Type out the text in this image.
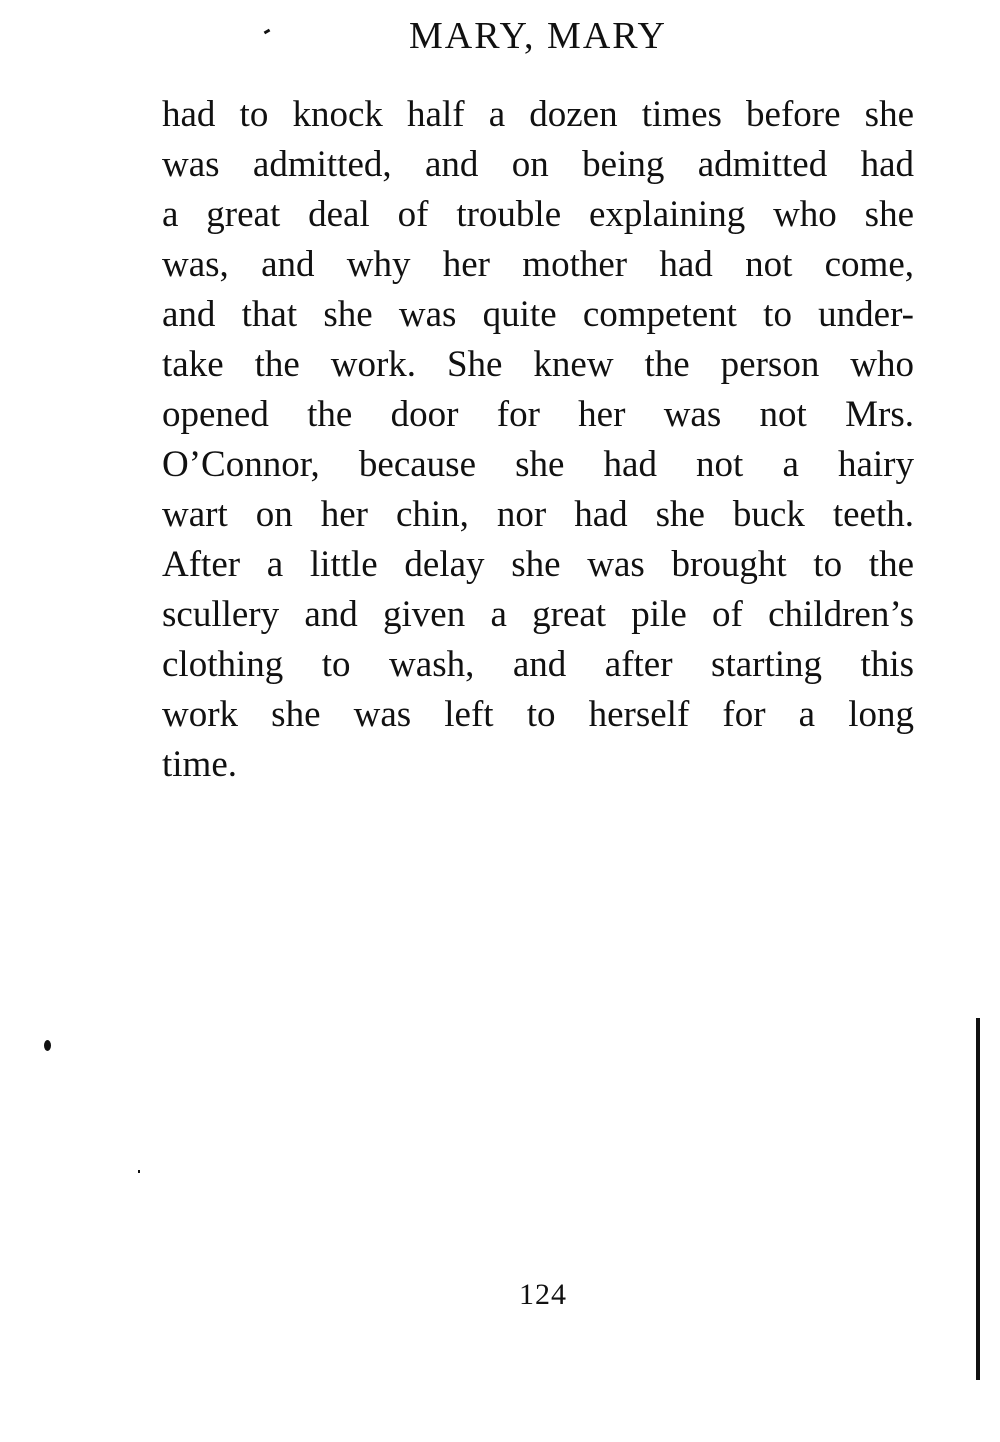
MARY, MARY
had to knock half a dozen times before she
was admitted, and on being admitted had
a great deal of trouble explaining who she
was, and why her mother had not come,
and that she was quite competent to under-
take the work. She knew the person who
opened the door for her was not Mrs.
O’Connor, because she had not a hairy
wart on her chin, nor had she buck teeth.
After a little delay she was brought to the
scullery and given a great pile of children’s
clothing to wash, and after starting this
work she was left to herself for a long
time.
124
